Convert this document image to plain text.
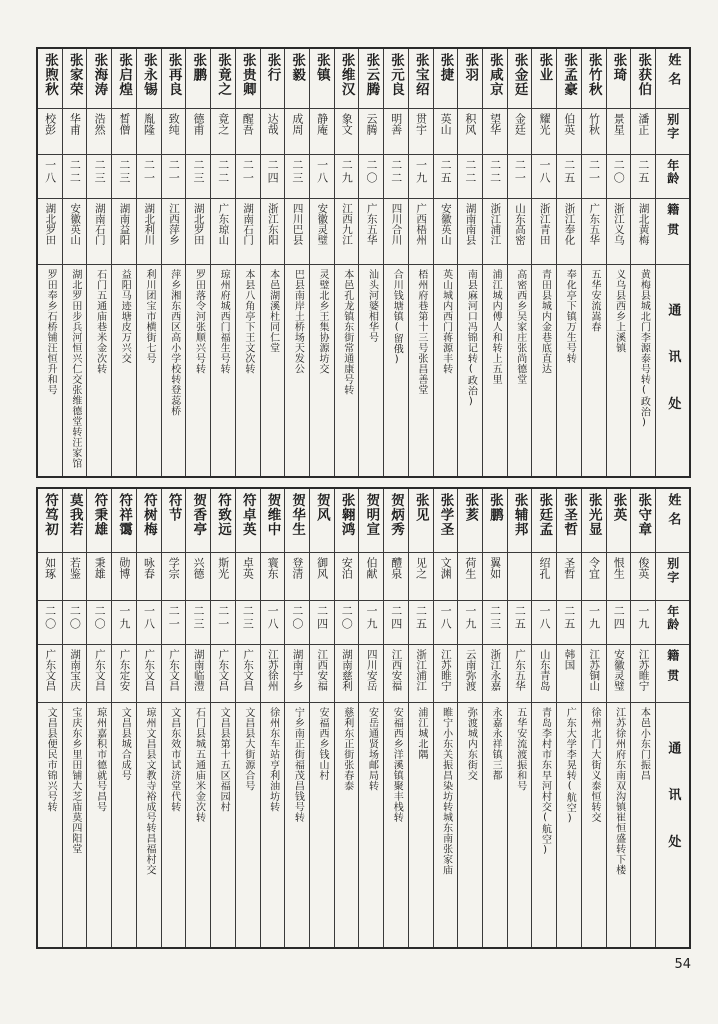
姓名
别字
年龄
籍贯
通讯处
张获伯
潘正
二五
湖北黄梅
黄梅县城北门李源泰号转(政治)
张琦
景星
二〇
浙江义乌
义乌县西乡上溪镇
张竹秋
竹秋
二一
广东五华
五华安流嵩春
张孟豪
伯英
二五
浙江奉化
奉化亭下镇万生号转
张业
耀光
一八
浙江青田
青田县城内金巷底直达
张金廷
金廷
二一
山东高密
高密西乡吴家庄张尚德堂
张咸京
望华
二二
浙江浦江
浦江城内傅人和转上五里
张羽
积风
二二
湖南南县
南县麻河口冯锦记转(政治)
张捷
英山
二五
安徽英山
英山城内西门蒋源丰转
张宝绍
贯宇
一九
广西梧州
梧州府巷第十三号张昌善堂
张元良
明善
二二
四川合川
合川钱塘镇(留俄)
张云腾
云腾
二〇
广东五华
汕头河婆相华号
张维汉
象文
二九
江西九江
本邑孔龙镇东街常通康号转
张镇
静庵
一八
安徽灵璧
灵璧北乡王集协源坊交
张毅
成周
二三
四川巴县
巴县南岸土桥场天发公
张行
达哉
二四
浙江东阳
本邑湖溪杜同仁堂
张贵卿
醒吾
二一
湖南石门
本县八角亭下王文次转
张竟之
竟之
二二
广东琼山
琼州府城西门福生号转
张鹏
德甫
二三
湖北罗田
罗田落令河张顺兴号转
张再良
致纯
二一
江西萍乡
萍乡湘东西区高小学校转登蕊桥
张永锡
胤隆
二一
湖北利川
利川团宝市横街七号
张启煌
皙僧
二三
湖南益阳
益阳马迹塘皮万兴交
张海涛
浩然
二三
湖南石门
石门五通庙巷米金次转
张家荣
华甫
二二
安徽英山
湖北罗田步兵河恒兴仁交张维德堂转汪家馆
张煦秋
校彭
一八
湖北罗田
罗田奉乡石桥铺汪恒升和号
姓名
别字
年龄
籍贯
通讯处
张守章
俊英
一九
江苏睢宁
本邑小东门振昌
张英
恨生
二四
安徽灵璧
江苏徐州府东南双沟镇崔恒盛转下楼
张光显
令宜
一九
江苏铜山
徐州北门大街义泰恒转交
张圣哲
圣哲
二五
韩国
广东大学李晃转(航空)
张廷孟
绍孔
一八
山东青岛
青岛李村市东早河村交(航空)
张辅邦
二五
广东五华
五华安流渡振和号
张鹏
翼如
二三
浙江永嘉
永嘉永祥镇三都
张荄
荷生
一九
云南弥渡
弥渡城内东街交
张学圣
文渊
一八
江苏睢宁
睢宁小东关振昌染坊转城东南张家庙
张见
见之
二五
浙江浦江
浦江城北隅
贺炳秀
醴泉
二四
江西安福
安福西乡洋溪镇聚丰栈转
贺明宣
伯献
一九
四川安岳
安岳通贤场邮局转
张翱鸿
安泊
二〇
湖南慈利
慈利东正街张春泰
贺风
御风
二四
江西安福
安福西乡钱山村
贺华生
登清
二〇
湖南宁乡
宁乡南正街福茂昌钱号转
贺维中
寰东
一八
江苏徐州
徐州东车站亨利油坊转
符卓英
卓英
二三
广东文昌
文昌县大街源合号
符致远
斯光
二一
广东文昌
文昌县第十五区福园村
贺香亭
兴德
二三
湖南临澧
石门县城五通庙米金次转
符节
学宗
二一
广东文昌
文昌东效市试济堂代转
符树梅
咏春
一八
广东文昌
琼州文昌县文教寺裕成号转昌福村交
符祥霭
勋博
一九
广东定安
文昌县城合成号
符秉雄
秉雄
二〇
广东文昌
琼州嘉积市德就号昌号
莫我若
若鉴
二〇
湖南宝庆
宝庆东乡里田铺大芝庙莫四阳堂
符笃初
如琢
二〇
广东文昌
文昌县便民市锦兴号转
54
